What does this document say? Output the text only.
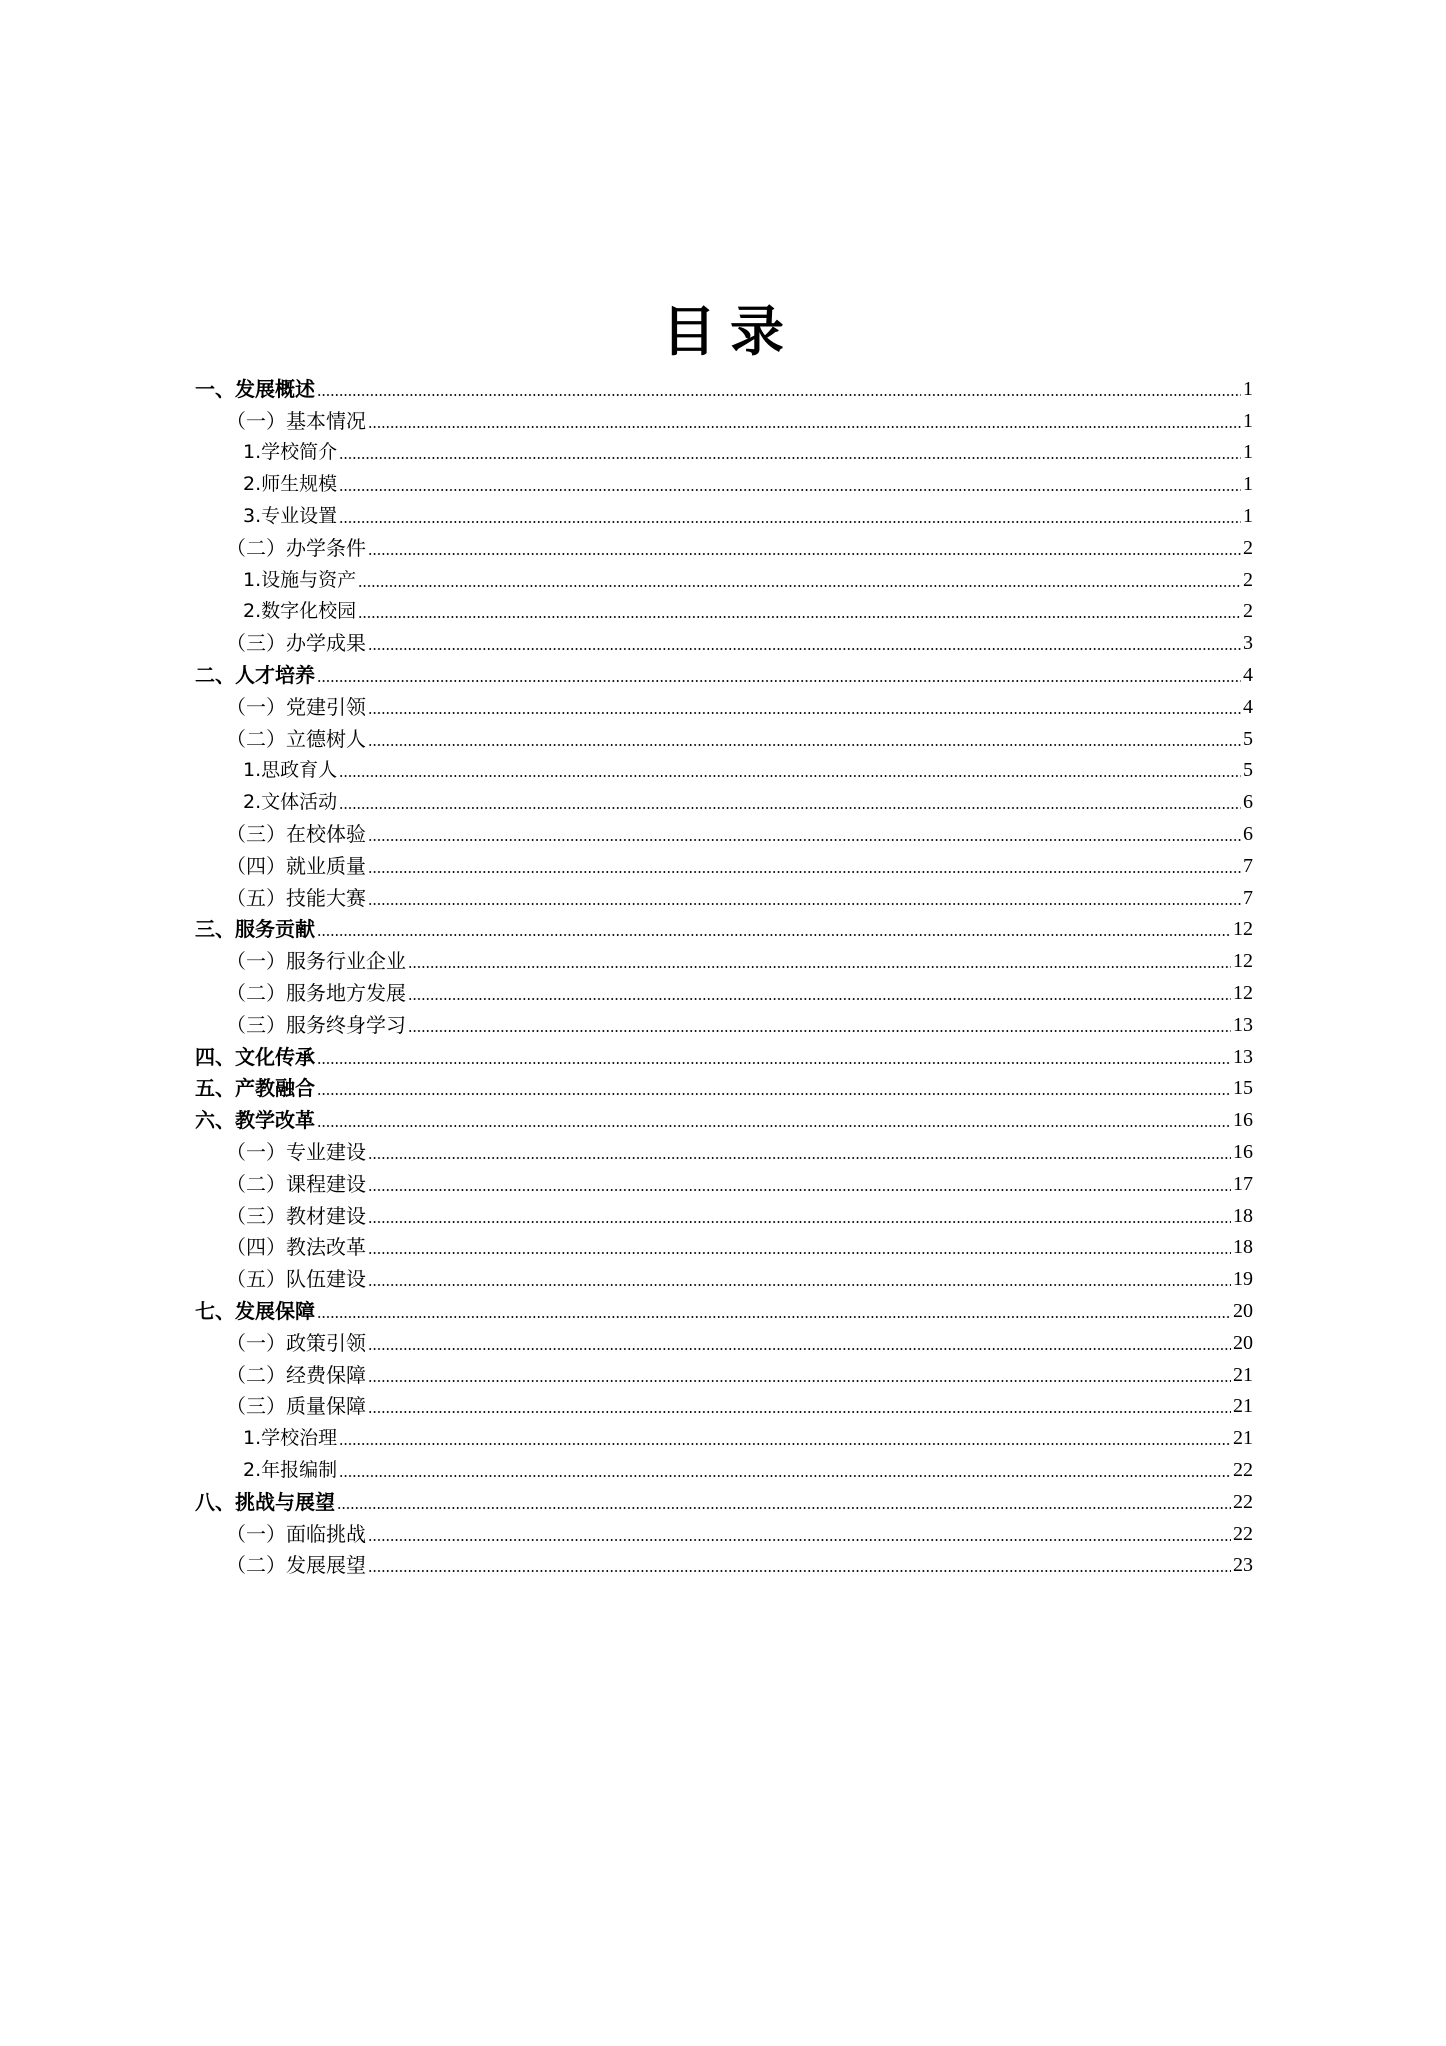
目录
一、发展概述	1
（一）基本情况	1
1.学校简介	1
2.师生规模	1
3.专业设置	1
（二）办学条件	2
1.设施与资产	2
2.数字化校园	2
（三）办学成果	3
二、人才培养	4
（一）党建引领	4
（二）立德树人	5
1.思政育人	5
2.文体活动	6
（三）在校体验	6
（四）就业质量	7
（五）技能大赛	7
三、服务贡献	12
（一）服务行业企业	12
（二）服务地方发展	12
（三）服务终身学习	13
四、文化传承	13
五、产教融合	15
六、教学改革	16
（一）专业建设	16
（二）课程建设	17
（三）教材建设	18
（四）教法改革	18
（五）队伍建设	19
七、发展保障	20
（一）政策引领	20
（二）经费保障	21
（三）质量保障	21
1.学校治理	21
2.年报编制	22
八、挑战与展望	22
（一）面临挑战	22
（二）发展展望	23
